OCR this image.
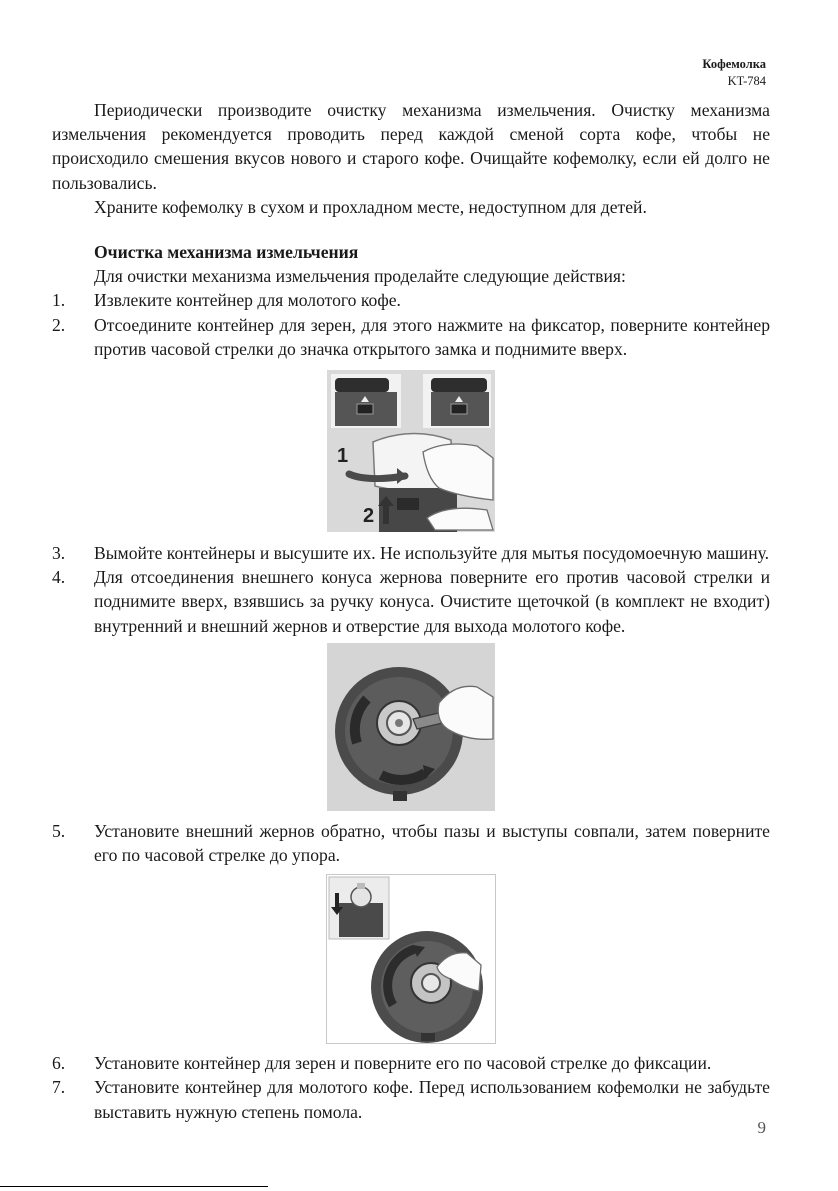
Кофемолка
KT-784

Периодически производите очистку механизма измельчения. Очистку механизма измельчения рекомендуется проводить перед каждой сменой сорта кофе, чтобы не происходило смешения вкусов нового и старого кофе. Очищайте кофемолку, если ей долго не пользовались.

Храните кофемолку в сухом и прохладном месте, недоступном для детей.

Очистка механизма измельчения
Для очистки механизма измельчения проделайте следующие действия:
1.	Извлеките контейнер для молотого кофе.
2.	Отсоедините контейнер для зерен, для этого нажмите на фиксатор, поверните контейнер против часовой стрелки до значка открытого замка и поднимите вверх.
1
2
3.	Вымойте контейнеры и высушите их. Не используйте для мытья посудомоечную машину.
4.	Для отсоединения внешнего конуса жернова поверните его против часовой стрелки и поднимите вверх, взявшись за ручку конуса. Очистите щеточкой (в комплект не входит) внутренний и внешний жернов и отверстие для выхода молотого кофе.
5.	Установите внешний жернов обратно, чтобы пазы и выступы совпали, затем поверните его по часовой стрелке до упора.
6.	Установите контейнер для зерен и поверните его по часовой стрелке до фиксации.
7.	Установите контейнер для молотого кофе. Перед использованием кофемолки не забудьте выставить нужную степень помола.
9
